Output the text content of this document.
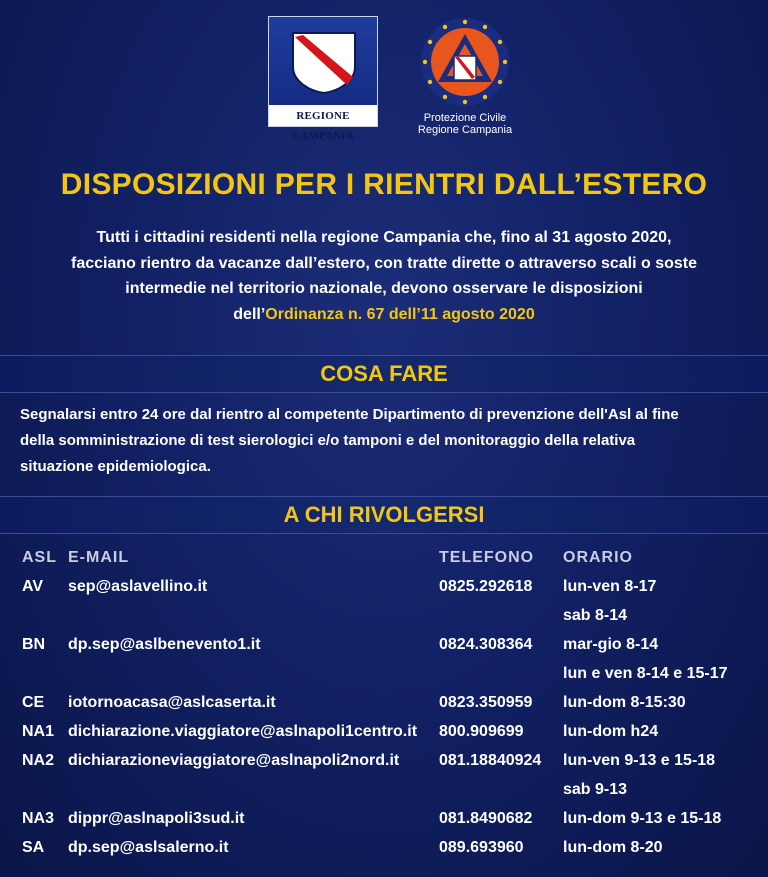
REGIONE CAMPANIA
Protezione Civile
Regione Campania
DISPOSIZIONI PER I RIENTRI DALL’ESTERO
Tutti i cittadini residenti nella regione Campania che, fino al 31 agosto 2020,
facciano rientro da vacanze dall’estero, con tratte dirette o attraverso scali o soste
intermedie nel territorio nazionale, devono osservare le disposizioni
dell’Ordinanza n. 67 dell’11 agosto 2020
COSA FARE
Segnalarsi entro 24 ore dal rientro al competente Dipartimento di prevenzione dell'Asl al fine
della somministrazione di test sierologici e/o tamponi e del monitoraggio della relativa
situazione epidemiologica.
A CHI RIVOLGERSI
ASL E-MAIL	TELEFONO ORARIO
AV sep@aslavellino.it	0825.292618 lun-ven 8-17
sab 8-14
BN dp.sep@aslbenevento1.it	0824.308364 mar-gio 8-14
lun e ven 8-14 e 15-17
CE iotornoacasa@aslcaserta.it	0823.350959 lun-dom 8-15:30
NA1 dichiarazione.viaggiatore@aslnapoli1centro.it 800.909699 lun-dom h24
NA2 dichiarazioneviaggiatore@aslnapoli2nord.it 081.18840924 lun-ven 9-13 e 15-18
sab 9-13
NA3 dippr@aslnapoli3sud.it	081.8490682 lun-dom 9-13 e 15-18
SA dp.sep@aslsalerno.it	089.693960 lun-dom 8-20
